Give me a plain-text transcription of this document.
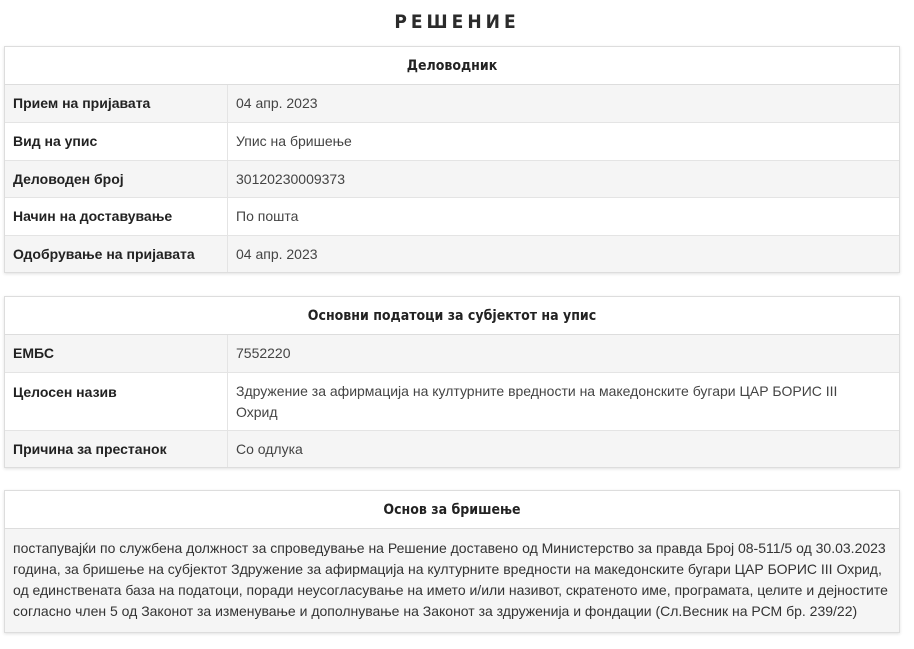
РЕШЕНИЕ
Деловодник
Прием на пријавата	04 апр. 2023
Вид на упис	Упис на бришење
Деловоден број	30120230009373
Начин на доставување	По пошта
Одобрување на пријавата	04 апр. 2023
Основни податоци за субјектот на упис
ЕМБС	7552220
Целосен назив	Здружение за афирмација на културните вредности на македонските бугари ЦАР БОРИС III Охрид
Причина за престанок	Со одлука
Основ за бришење
постапувајќи по службена должност за спроведување на Решение доставено од Министерство за правда Број 08-511/5 од 30.03.2023 година, за бришење на субјектот Здружение за афирмација на културните вредности на македонските бугари ЦАР БОРИС III Охрид, од единствената база на податоци, поради неусогласување на името и/или називот, скратеното име, програмата, целите и дејностите согласно член 5 од Законот за изменување и дополнување на Законот за здруженија и фондации (Сл.Весник на РСМ бр. 239/22)
